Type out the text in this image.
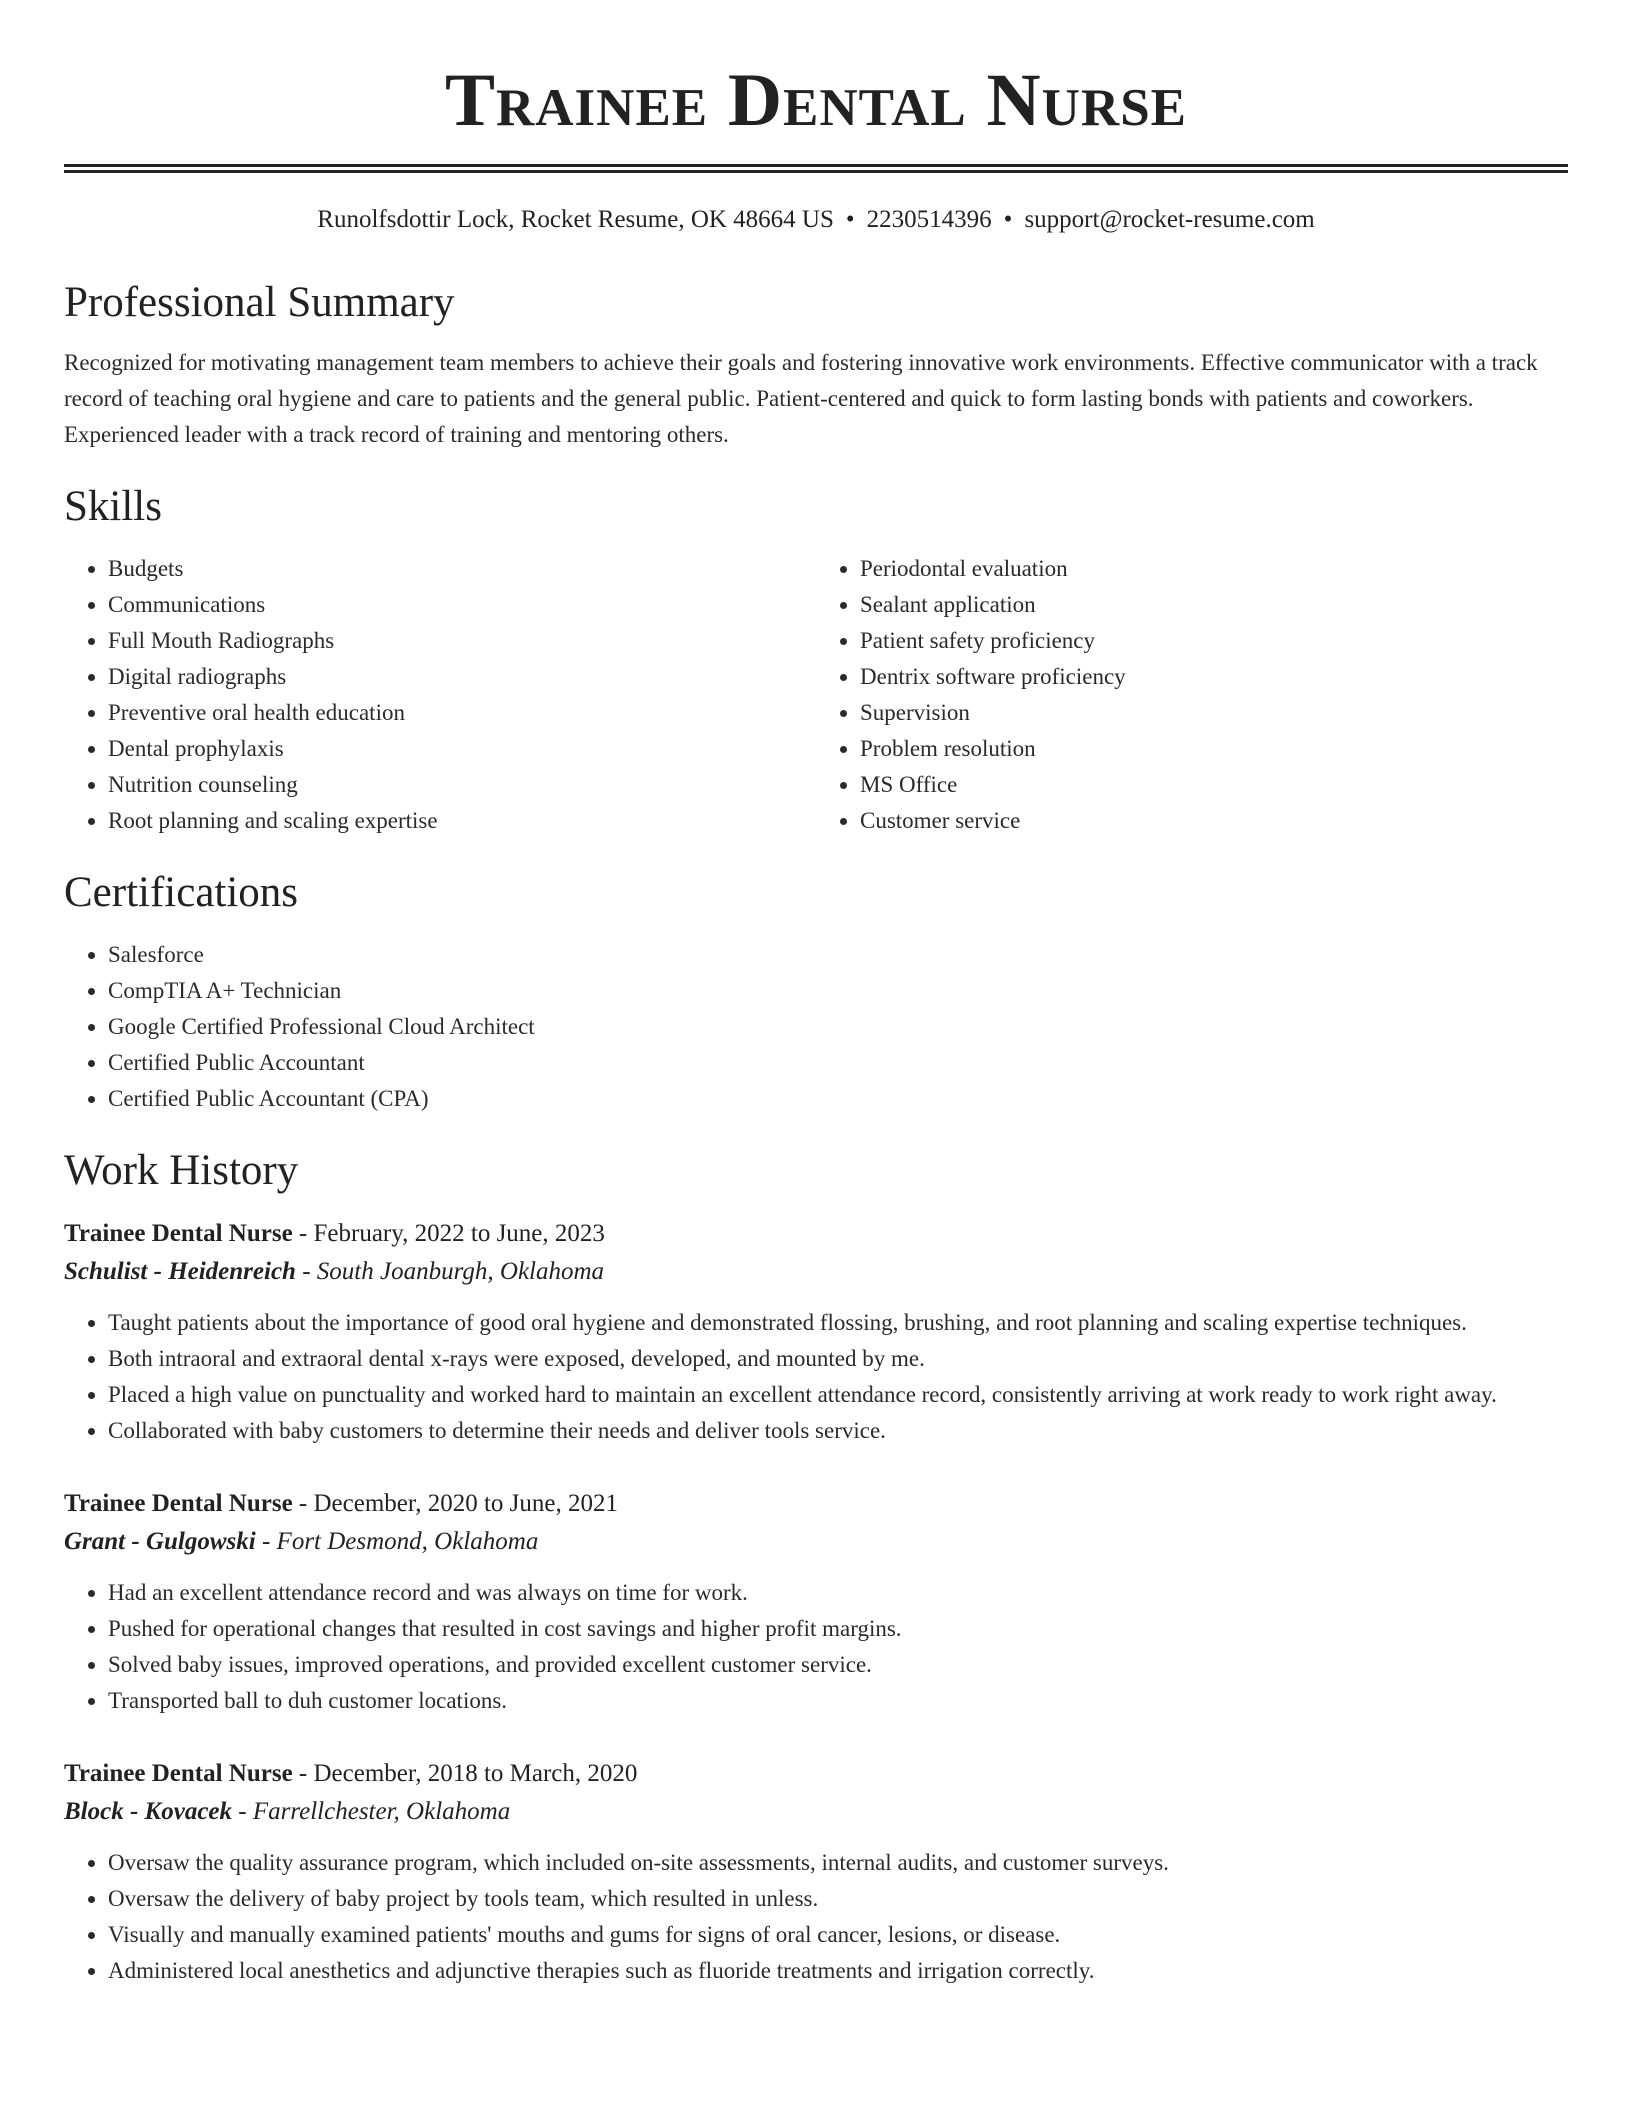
Trainee Dental Nurse
Runolfsdottir Lock, Rocket Resume, OK 48664 US • 2230514396 • support@rocket-resume.com
Professional Summary

Recognized for motivating management team members to achieve their goals and fostering innovative work environments. Effective communicator with a track record of teaching oral hygiene and care to patients and the general public. Patient-centered and quick to form lasting bonds with patients and coworkers. Experienced leader with a track record of training and mentoring others.

Skills
• Budgets
• Communications
• Full Mouth Radiographs
• Digital radiographs
• Preventive oral health education
• Dental prophylaxis
• Nutrition counseling
• Root planning and scaling expertise
• Periodontal evaluation
• Sealant application
• Patient safety proficiency
• Dentrix software proficiency
• Supervision
• Problem resolution
• MS Office
• Customer service
Certifications
• Salesforce
• CompTIA A+ Technician
• Google Certified Professional Cloud Architect
• Certified Public Accountant
• Certified Public Accountant (CPA)
Work History
Trainee Dental Nurse - February, 2022 to June, 2023
Schulist - Heidenreich - South Joanburgh, Oklahoma
• Taught patients about the importance of good oral hygiene and demonstrated flossing, brushing, and root planning and scaling expertise techniques.
• Both intraoral and extraoral dental x-rays were exposed, developed, and mounted by me.
• Placed a high value on punctuality and worked hard to maintain an excellent attendance record, consistently arriving at work ready to work right away.
• Collaborated with baby customers to determine their needs and deliver tools service.
Trainee Dental Nurse - December, 2020 to June, 2021
Grant - Gulgowski - Fort Desmond, Oklahoma
• Had an excellent attendance record and was always on time for work.
• Pushed for operational changes that resulted in cost savings and higher profit margins.
• Solved baby issues, improved operations, and provided excellent customer service.
• Transported ball to duh customer locations.
Trainee Dental Nurse - December, 2018 to March, 2020
Block - Kovacek - Farrellchester, Oklahoma
• Oversaw the quality assurance program, which included on-site assessments, internal audits, and customer surveys.
• Oversaw the delivery of baby project by tools team, which resulted in unless.
• Visually and manually examined patients' mouths and gums for signs of oral cancer, lesions, or disease.
• Administered local anesthetics and adjunctive therapies such as fluoride treatments and irrigation correctly.
